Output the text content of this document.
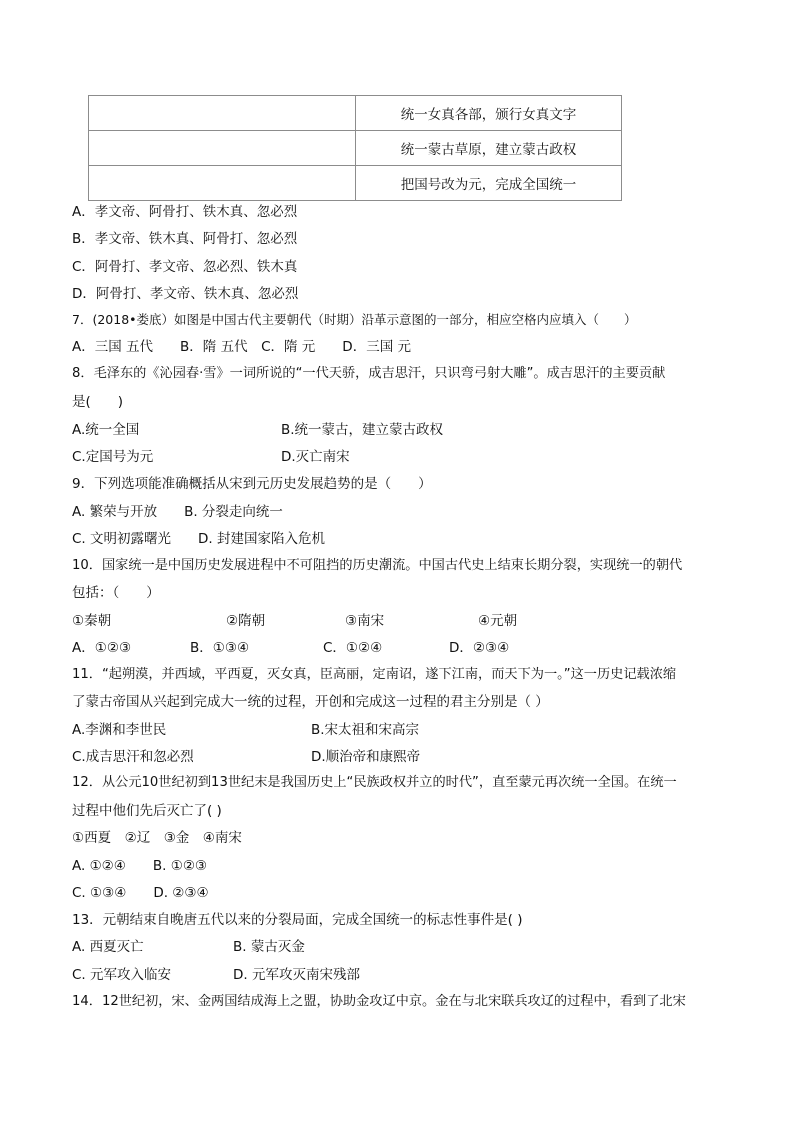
	统一女真各部，颁行女真文字
	统一蒙古草原，建立蒙古政权
	把国号改为元，完成全国统一
A．孝文帝、阿骨打、铁木真、忽必烈
B．孝文帝、铁木真、阿骨打、忽必烈
C．阿骨打、孝文帝、忽必烈、铁木真
D．阿骨打、孝文帝、铁木真、忽必烈
7．(2018•娄底）如图是中国古代主要朝代（时期）沿革示意图的一部分，相应空格内应填入（　　）
A．三国 五代　　B．隋 五代　C．隋 元　　D．三国 元
8．毛泽东的《沁园春·雪》一词所说的“一代天骄，成吉思汗，只识弯弓射大雕”。成吉思汗的主要贡献
是(　　)
A.统一全国	B.统一蒙古，建立蒙古政权
C.定国号为元	D.灭亡南宋
9．下列选项能准确概括从宋到元历史发展趋势的是（　　）
A. 繁荣与开放　　B. 分裂走向统一
C. 文明初露曙光　　D. 封建国家陷入危机
10．国家统一是中国历史发展进程中不可阻挡的历史潮流。中国古代史上结束长期分裂，实现统一的朝代
包括：（　　）
①秦朝	②隋朝	③南宋	④元朝
A．①②③	B．①③④	C．①②④	D．②③④
11．“起朔漠，并西域，平西夏，灭女真，臣高丽，定南诏，遂下江南，而天下为一。”这一历史记载浓缩
了蒙古帝国从兴起到完成大一统的过程，开创和完成这一过程的君主分别是（ ）
A.李渊和李世民	B.宋太祖和宋高宗
C.成吉思汗和忽必烈	D.顺治帝和康熙帝
12．从公元10世纪初到13世纪末是我国历史上“民族政权并立的时代”，直至蒙元再次统一全国。在统一
过程中他们先后灭亡了( )
①西夏　②辽　③金　④南宋
A. ①②④　　B. ①②③
C. ①③④　　D. ②③④
13．元朝结束自晚唐五代以来的分裂局面，完成全国统一的标志性事件是( )
A. 西夏灭亡	B. 蒙古灭金
C. 元军攻入临安	D. 元军攻灭南宋残部
14．12世纪初，宋、金两国结成海上之盟，协助金攻辽中京。金在与北宋联兵攻辽的过程中，看到了北宋
